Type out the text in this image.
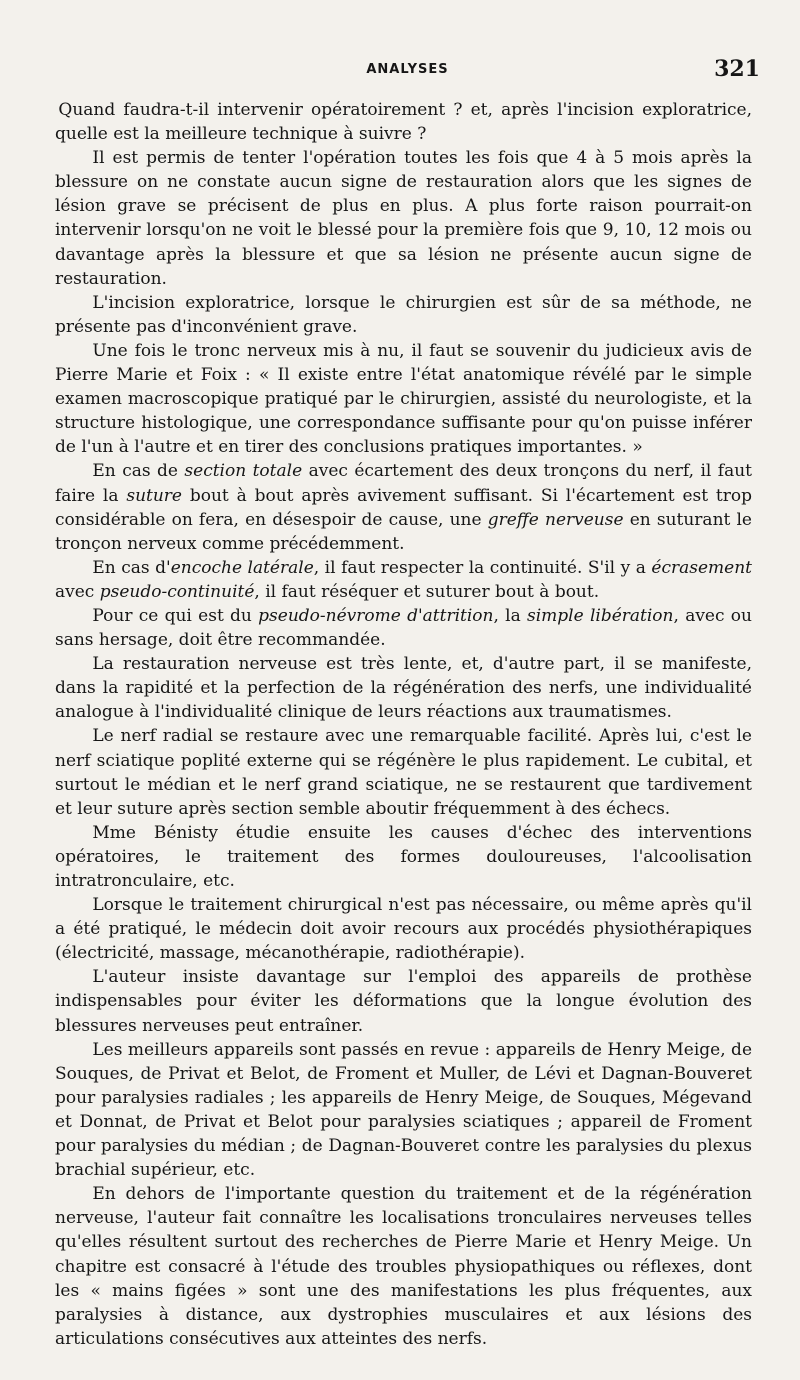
ANALYSES	321

Quand faudra-t-il intervenir opératoirement ? et, après l'incision exploratrice, quelle est la meilleure technique à suivre ?

Il est permis de tenter l'opération toutes les fois que 4 à 5 mois après la blessure on ne constate aucun signe de restauration alors que les signes de lésion grave se précisent de plus en plus. A plus forte raison pourrait-on intervenir lorsqu'on ne voit le blessé pour la première fois que 9, 10, 12 mois ou davantage après la blessure et que sa lésion ne présente aucun signe de restauration.

L'incision exploratrice, lorsque le chirurgien est sûr de sa méthode, ne présente pas d'inconvénient grave.

Une fois le tronc nerveux mis à nu, il faut se souvenir du judicieux avis de Pierre Marie et Foix : « Il existe entre l'état anatomique révélé par le simple examen macroscopique pratiqué par le chirurgien, assisté du neurologiste, et la structure histologique, une correspondance suffisante pour qu'on puisse inférer de l'un à l'autre et en tirer des conclusions pratiques importantes. »

En cas de section totale avec écartement des deux tronçons du nerf, il faut faire la suture bout à bout après avivement suffisant. Si l'écartement est trop considérable on fera, en désespoir de cause, une greffe nerveuse en suturant le tronçon nerveux comme précédemment.

En cas d'encoche latérale, il faut respecter la continuité. S'il y a écrasement avec pseudo-continuité, il faut réséquer et suturer bout à bout.

Pour ce qui est du pseudo-névrome d'attrition, la simple libération, avec ou sans hersage, doit être recommandée.

La restauration nerveuse est très lente, et, d'autre part, il se manifeste, dans la rapidité et la perfection de la régénération des nerfs, une individualité analogue à l'individualité clinique de leurs réactions aux traumatismes.

Le nerf radial se restaure avec une remarquable facilité. Après lui, c'est le nerf sciatique poplité externe qui se régénère le plus rapidement. Le cubital, et surtout le médian et le nerf grand sciatique, ne se restaurent que tardivement et leur suture après section semble aboutir fréquemment à des échecs.

Mme Bénisty étudie ensuite les causes d'échec des interventions opératoires, le traitement des formes douloureuses, l'alcoolisation intratronculaire, etc.

Lorsque le traitement chirurgical n'est pas nécessaire, ou même après qu'il a été pratiqué, le médecin doit avoir recours aux procédés physiothérapiques (électricité, massage, mécanothérapie, radiothérapie).

L'auteur insiste davantage sur l'emploi des appareils de prothèse indispensables pour éviter les déformations que la longue évolution des blessures nerveuses peut entraîner.

Les meilleurs appareils sont passés en revue : appareils de Henry Meige, de Souques, de Privat et Belot, de Froment et Muller, de Lévi et Dagnan-Bouveret pour paralysies radiales ; les appareils de Henry Meige, de Souques, Mégevand et Donnat, de Privat et Belot pour paralysies sciatiques ; appareil de Froment pour paralysies du médian ; de Dagnan-Bouveret contre les paralysies du plexus brachial supérieur, etc.

En dehors de l'importante question du traitement et de la régénération nerveuse, l'auteur fait connaître les localisations tronculaires nerveuses telles qu'elles résultent surtout des recherches de Pierre Marie et Henry Meige. Un chapitre est consacré à l'étude des troubles physiopathiques ou réflexes, dont les « mains figées » sont une des manifestations les plus fréquentes, aux paralysies à distance, aux dystrophies musculaires et aux lésions des articulations consécutives aux atteintes des nerfs.
